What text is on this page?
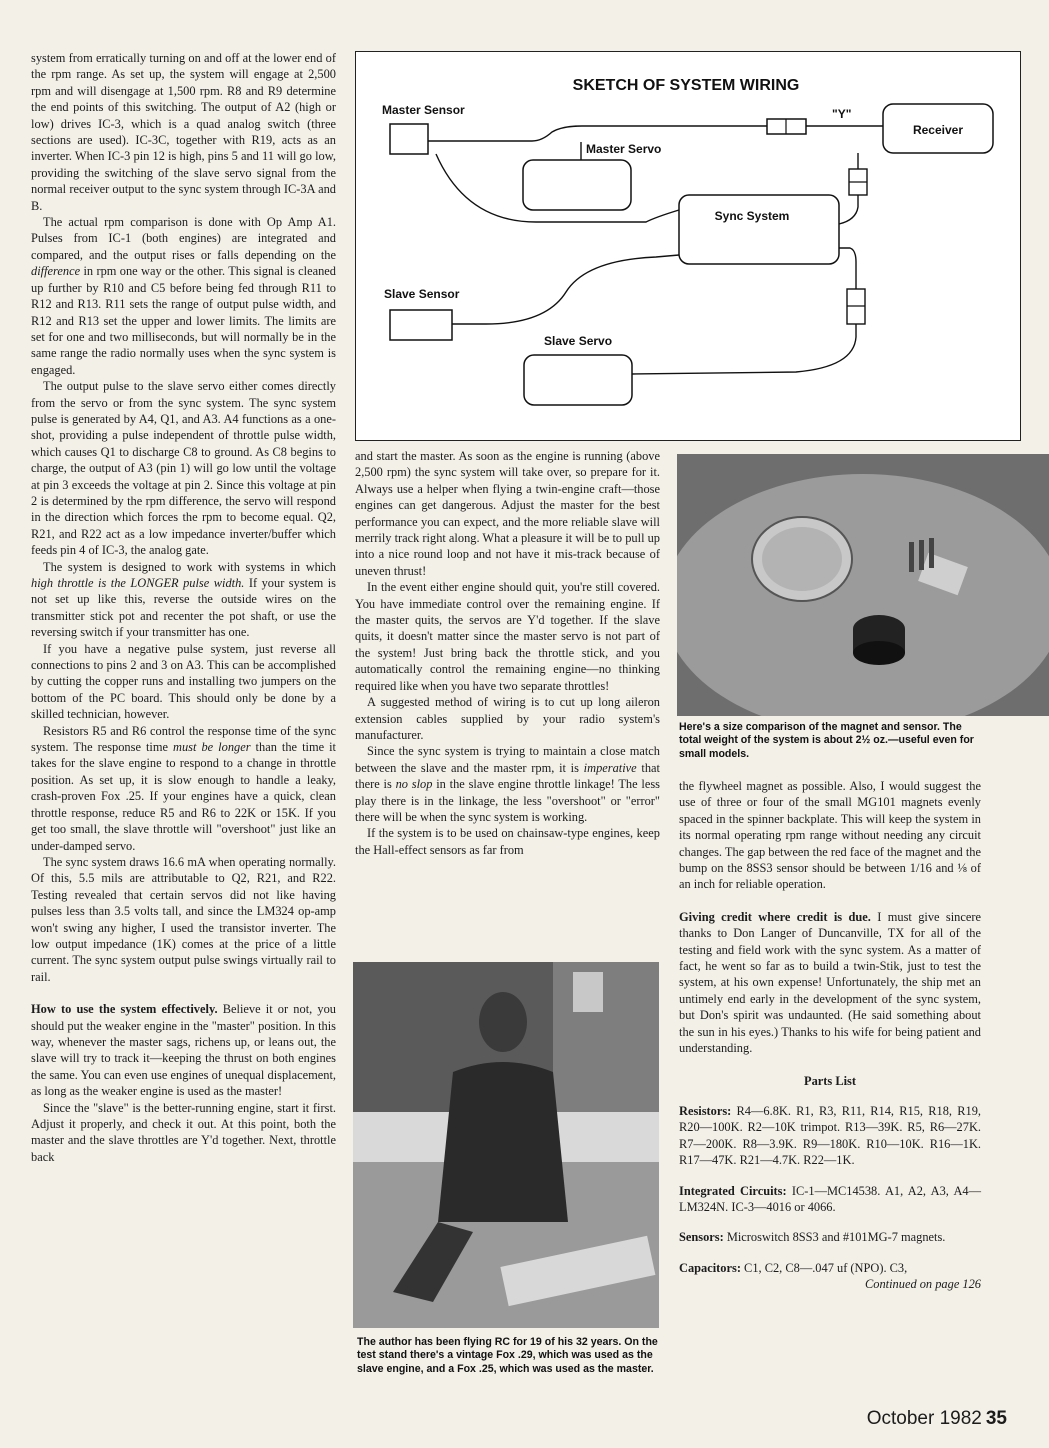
system from erratically turning on and off at the lower end of the rpm range. As set up, the system will engage at 2,500 rpm and will disengage at 1,500 rpm. R8 and R9 determine the end points of this switching. The output of A2 (high or low) drives IC-3, which is a quad analog switch (three sections are used). IC-3C, together with R19, acts as an inverter. When IC-3 pin 12 is high, pins 5 and 11 will go low, providing the switching of the slave servo signal from the normal receiver output to the sync system through IC-3A and B.

The actual rpm comparison is done with Op Amp A1. Pulses from IC-1 (both engines) are integrated and compared, and the output rises or falls depending on the difference in rpm one way or the other. This signal is cleaned up further by R10 and C5 before being fed through R11 to R12 and R13. R11 sets the range of output pulse width, and R12 and R13 set the upper and lower limits. The limits are set for one and two milliseconds, but will normally be in the same range the radio normally uses when the sync system is engaged.

The output pulse to the slave servo either comes directly from the servo or from the sync system. The sync system pulse is generated by A4, Q1, and A3. A4 functions as a one-shot, providing a pulse independent of throttle pulse width, which causes Q1 to discharge C8 to ground. As C8 begins to charge, the output of A3 (pin 1) will go low until the voltage at pin 3 exceeds the voltage at pin 2. Since this voltage at pin 2 is determined by the rpm difference, the servo will respond in the direction which forces the rpm to become equal. Q2, R21, and R22 act as a low impedance inverter/buffer which feeds pin 4 of IC-3, the analog gate.

The system is designed to work with systems in which high throttle is the LONGER pulse width. If your system is not set up like this, reverse the outside wires on the transmitter stick pot and recenter the pot shaft, or use the reversing switch if your transmitter has one.

If you have a negative pulse system, just reverse all connections to pins 2 and 3 on A3. This can be accomplished by cutting the copper runs and installing two jumpers on the bottom of the PC board. This should only be done by a skilled technician, however.

Resistors R5 and R6 control the response time of the sync system. The response time must be longer than the time it takes for the slave engine to respond to a change in throttle position. As set up, it is slow enough to handle a leaky, crash-proven Fox .25. If your engines have a quick, clean throttle response, reduce R5 and R6 to 22K or 15K. If you get too small, the slave throttle will "overshoot" just like an under-damped servo.

The sync system draws 16.6 mA when operating normally. Of this, 5.5 mils are attributable to Q2, R21, and R22. Testing revealed that certain servos did not like having pulses less than 3.5 volts tall, and since the LM324 op-amp won't swing any higher, I used the transistor inverter. The low output impedance (1K) comes at the price of a little current. The sync system output pulse swings virtually rail to rail.

How to use the system effectively. Believe it or not, you should put the weaker engine in the "master" position. In this way, whenever the master sags, richens up, or leans out, the slave will try to track it—keeping the thrust on both engines the same. You can even use engines of unequal displacement, as long as the weaker engine is used as the master!

Since the "slave" is the better-running engine, start it first. Adjust it properly, and check it out. At this point, both the master and the slave throttles are Y'd together. Next, throttle back

SKETCH OF SYSTEM WIRING
Master Sensor
Master Servo
"Y"
Receiver
Sync System
Slave Sensor
Slave Servo

and start the master. As soon as the engine is running (above 2,500 rpm) the sync system will take over, so prepare for it. Always use a helper when flying a twin-engine craft—those engines can get dangerous. Adjust the master for the best performance you can expect, and the more reliable slave will merrily track right along. What a pleasure it will be to pull up into a nice round loop and not have it mis-track because of uneven thrust!

In the event either engine should quit, you're still covered. You have immediate control over the remaining engine. If the master quits, the servos are Y'd together. If the slave quits, it doesn't matter since the master servo is not part of the system! Just bring back the throttle stick, and you automatically control the remaining engine—no thinking required like when you have two separate throttles!

A suggested method of wiring is to cut up long aileron extension cables supplied by your radio system's manufacturer.

Since the sync system is trying to maintain a close match between the slave and the master rpm, it is imperative that there is no slop in the slave engine throttle linkage! The less play there is in the linkage, the less "overshoot" or "error" there will be when the sync system is working.

If the system is to be used on chainsaw-type engines, keep the Hall-effect sensors as far from

The author has been flying RC for 19 of his 32 years. On the test stand there's a vintage Fox .29, which was used as the slave engine, and a Fox .25, which was used as the master.
Here's a size comparison of the magnet and sensor. The total weight of the system is about 2½ oz.—useful even for small models.

the flywheel magnet as possible. Also, I would suggest the use of three or four of the small MG101 magnets evenly spaced in the spinner backplate. This will keep the system in its normal operating rpm range without needing any circuit changes. The gap between the red face of the magnet and the bump on the 8SS3 sensor should be between 1/16 and ⅛ of an inch for reliable operation.

Giving credit where credit is due. I must give sincere thanks to Don Langer of Duncanville, TX for all of the testing and field work with the sync system. As a matter of fact, he went so far as to build a twin-Stik, just to test the system, at his own expense! Unfortunately, the ship met an untimely end early in the development of the sync system, but Don's spirit was undaunted. (He said something about the sun in his eyes.) Thanks to his wife for being patient and understanding.

Parts List

Resistors: R4—6.8K. R1, R3, R11, R14, R15, R18, R19, R20—100K. R2—10K trimpot. R13—39K. R5, R6—27K. R7—200K. R8—3.9K. R9—180K. R10—10K. R16—1K. R17—47K. R21—4.7K. R22—1K.

Integrated Circuits: IC-1—MC14538. A1, A2, A3, A4—LM324N. IC-3—4016 or 4066.

Sensors: Microswitch 8SS3 and #101MG-7 magnets.

Capacitors: C1, C2, C8—.047 uf (NPO). C3,
Continued on page 126

October 1982 35
